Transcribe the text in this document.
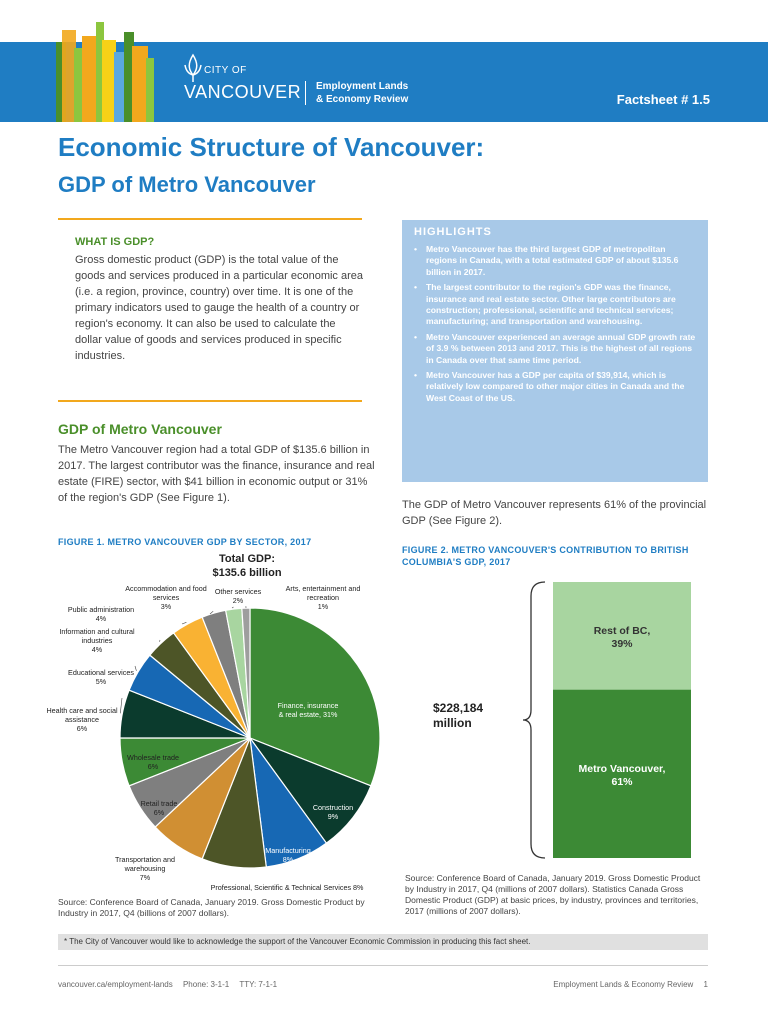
CITY OF
VANCOUVER Employment Lands
& Economy Review	Factsheet # 1.5
Economic Structure of Vancouver:
GDP of Metro Vancouver
WHAT IS GDP?

Gross domestic product (GDP) is the total value of the goods and services produced in a particular economic area (i.e. a region, province, country) over time. It is one of the primary indicators used to gauge the health of a country or region's economy. It can also be used to calculate the dollar value of goods and services produced in specific industries.

HIGHLIGHTS
• Metro Vancouver has the third largest GDP of metropolitan regions in Canada, with a total estimated GDP of about $135.6 billion in 2017.
• The largest contributor to the region's GDP was the finance, insurance and real estate sector. Other large contributors are construction; professional, scientific and technical services; manufacturing; and transportation and warehousing.
• Metro Vancouver experienced an average annual GDP growth rate of 3.9 % between 2013 and 2017. This is the highest of all regions in Canada over that same time period.
• Metro Vancouver has a GDP per capita of $39,914, which is relatively low compared to other major cities in Canada and the West Coast of the US.
GDP of Metro Vancouver

The Metro Vancouver region had a total GDP of $135.6 billion in 2017. The largest contributor was the finance, insurance and real estate (FIRE) sector, with $41 billion in economic output or 31% of the region's GDP (See Figure 1).

The GDP of Metro Vancouver represents 61% of the provincial GDP (See Figure 2).

FIGURE 1. METRO VANCOUVER GDP BY SECTOR, 2017
Total GDP: $135.6 billion
Finance, insurance & real estate, 31%
Construction 9%
Manufacturing 8%
Professional, Scientific & Technical Services 8%
Transportation and warehousing 7%
Retail trade 6%
Wholesale trade 6%
Health care and social assistance 6%
Educational services 5%
Information and cultural industries 4%
Public administration 4%
Accommodation and food services 3%
Other services 2%
Arts, entertainment and recreation 1%

Source: Conference Board of Canada, January 2019. Gross Domestic Product by Industry in 2017, Q4 (billions of 2007 dollars).

FIGURE 2. METRO VANCOUVER'S CONTRIBUTION TO BRITISH COLUMBIA'S GDP, 2017
$228,184 million
Metro Vancouver, 61%
Rest of BC, 39%

Source: Conference Board of Canada, January 2019. Gross Domestic Product by Industry in 2017, Q4 (millions of 2007 dollars). Statistics Canada Gross Domestic Product (GDP) at basic prices, by industry, provinces and territories, 2017 (millions of 2007 dollars).

* The City of Vancouver would like to acknowledge the support of the Vancouver Economic Commission in producing this fact sheet.
vancouver.ca/employment-lands Phone: 3-1-1 TTY: 7-1-1	Employment Lands & Economy Review 1
